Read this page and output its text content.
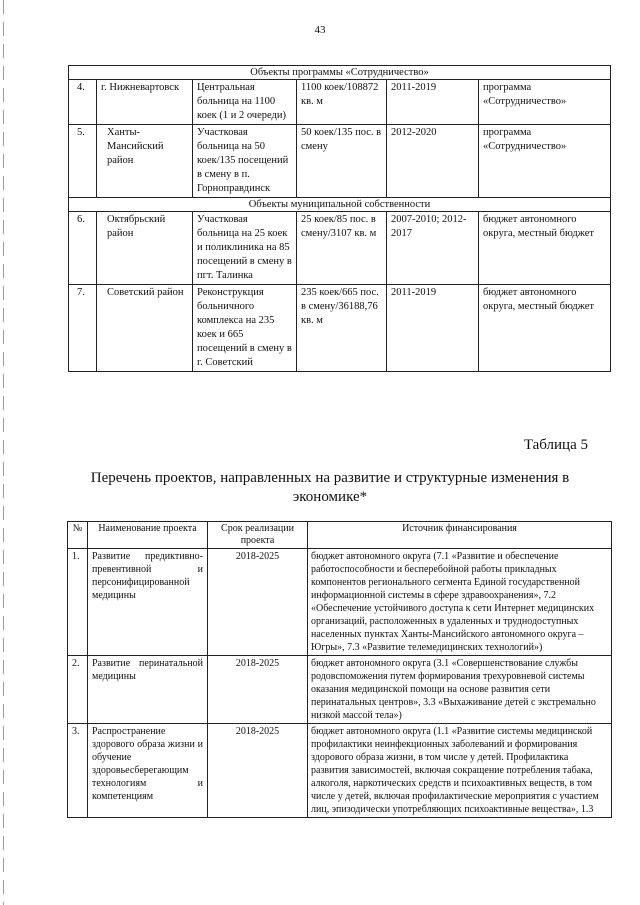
43
Объекты программы «Сотрудничество»					
4.	г. Нижневартовск	Центральная больница на 1100 коек (1 и 2 очереди)	1100 коек/108872 кв. м	2011-2019	программа «Сотрудничество»
5.	Ханты-Мансийский район	Участковая больница на 50 коек/135 посещений в смену в п. Горноправдинск	50 коек/135 пос. в смену	2012-2020	программа «Сотрудничество»
Объекты муниципальной собственности					
6.	Октябрьский район	Участковая больница на 25 коек и поликлиника на 85 посещений в смену в пгт. Талинка	25 коек/85 пос. в смену/3107 кв. м	2007-2010; 2012- 2017	бюджет автономного округа, местный бюджет
7.	Советский район	Реконструкция больничного комплекса на 235 коек и 665 посещений в смену в г. Советский	235 коек/665 пос. в смену/36188,76 кв. м	2011-2019	бюджет автономного округа, местный бюджет
Таблица 5
Перечень проектов, направленных на развитие и структурные изменения в экономике*
№	Наименование проекта	Срок реализации проекта	Источник финансирования
1.	Развитие предиктивно-превентивной и персонифицированной медицины	2018-2025	бюджет автономного округа (7.1 «Развитие и обеспечение работоспособности и бесперебойной работы прикладных компонентов регионального сегмента Единой государственной информационной системы в сфере здравоохранения», 7.2 «Обеспечение устойчивого доступа к сети Интернет медицинских организаций, расположенных в удаленных и труднодоступных населенных пунктах Ханты-Мансийского автономного округа – Югры», 7.3 «Развитие телемедицинских технологий»)
2.	Развитие перинатальной медицины	2018-2025	бюджет автономного округа (3.1 «Совершенствование службы родовспоможения путем формирования трехуровневой системы оказания медицинской помощи на основе развития сети перинатальных центров», 3.3 «Выхаживание детей с экстремально низкой массой тела»)
3.	Распространение здорового образа жизни и обучение здоровьесберегающим технологиям и компетенциям	2018-2025	бюджет автономного округа (1.1 «Развитие системы медицинской профилактики неинфекционных заболеваний и формирования здорового образа жизни, в том числе у детей. Профилактика развития зависимостей, включая сокращение потребления табака, алкоголя, наркотических средств и психоактивных веществ, в том числе у детей, включая профилактические мероприятия с участием лиц, эпизодически употребляющих психоактивные вещества», 1.3
